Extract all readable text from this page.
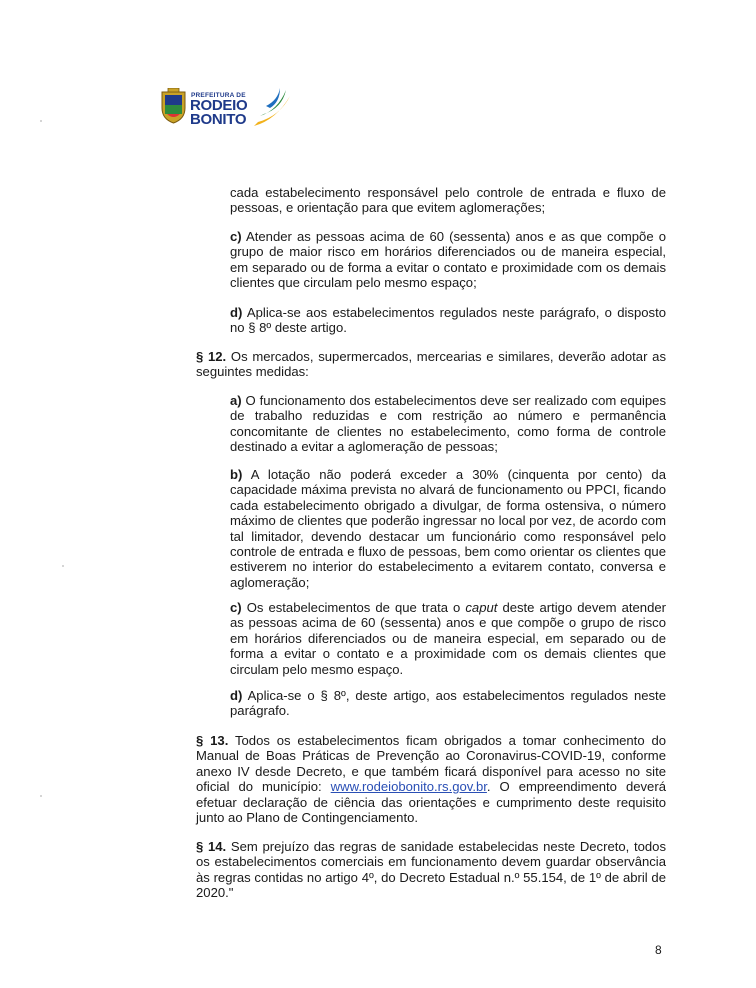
PREFEITURA DE
RODEIO
BONITO
cada estabelecimento responsável pelo controle de entrada e fluxo de pessoas, e orientação para que evitem aglomerações;
c) Atender as pessoas acima de 60 (sessenta) anos e as que compõe o grupo de maior risco em horários diferenciados ou de maneira especial, em separado ou de forma a evitar o contato e proximidade com os demais clientes que circulam pelo mesmo espaço;
d) Aplica-se aos estabelecimentos regulados neste parágrafo, o disposto no § 8º deste artigo.
§ 12. Os mercados, supermercados, mercearias e similares, deverão adotar as seguintes medidas:
a) O funcionamento dos estabelecimentos deve ser realizado com equipes de trabalho reduzidas e com restrição ao número e permanência concomitante de clientes no estabelecimento, como forma de controle destinado a evitar a aglomeração de pessoas;
b) A lotação não poderá exceder a 30% (cinquenta por cento) da capacidade máxima prevista no alvará de funcionamento ou PPCI, ficando cada estabelecimento obrigado a divulgar, de forma ostensiva, o número máximo de clientes que poderão ingressar no local por vez, de acordo com tal limitador, devendo destacar um funcionário como responsável pelo controle de entrada e fluxo de pessoas, bem como orientar os clientes que estiverem no interior do estabelecimento a evitarem contato, conversa e aglomeração;
c) Os estabelecimentos de que trata o caput deste artigo devem atender as pessoas acima de 60 (sessenta) anos e que compõe o grupo de risco em horários diferenciados ou de maneira especial, em separado ou de forma a evitar o contato e a proximidade com os demais clientes que circulam pelo mesmo espaço.
d) Aplica-se o § 8º, deste artigo, aos estabelecimentos regulados neste parágrafo.
§ 13. Todos os estabelecimentos ficam obrigados a tomar conhecimento do Manual de Boas Práticas de Prevenção ao Coronavirus-COVID-19, conforme anexo IV desde Decreto, e que também ficará disponível para acesso no site oficial do município: www.rodeiobonito.rs.gov.br. O empreendimento deverá efetuar declaração de ciência das orientações e cumprimento deste requisito junto ao Plano de Contingenciamento.
§ 14. Sem prejuízo das regras de sanidade estabelecidas neste Decreto, todos os estabelecimentos comerciais em funcionamento devem guardar observância às regras contidas no artigo 4º, do Decreto Estadual n.º 55.154, de 1º de abril de 2020."
8
